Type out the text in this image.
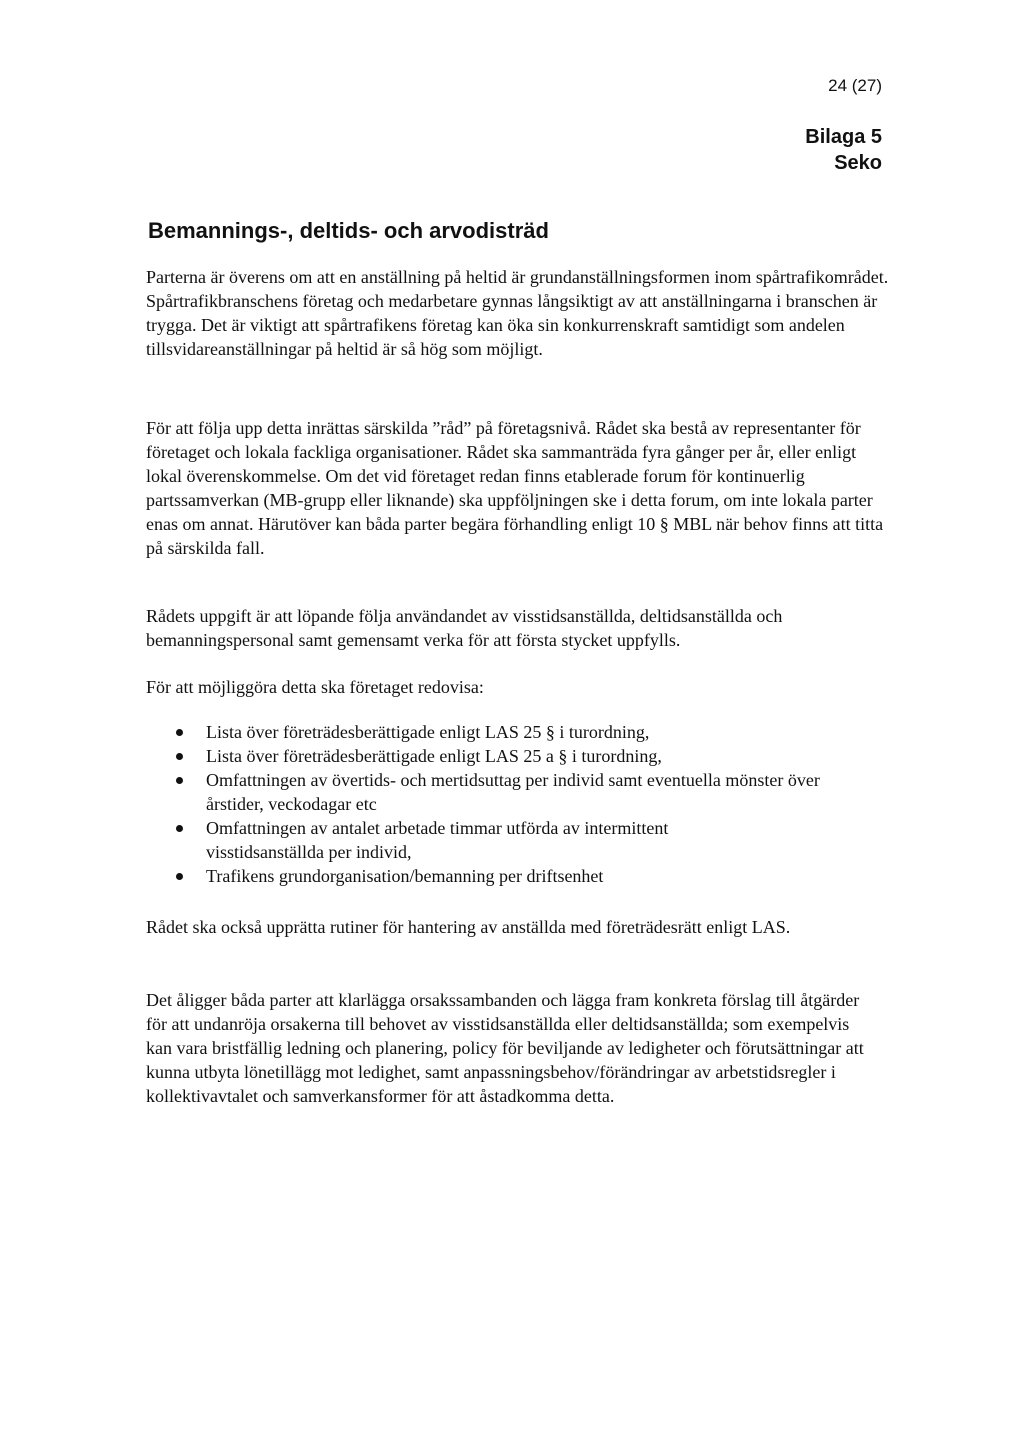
24 (27)
Bilaga 5
Seko
Bemannings-, deltids- och arvodisträd

Parterna är överens om att en anställning på heltid är grundanställningsformen inom spårtrafikområdet. Spårtrafikbranschens företag och medarbetare gynnas långsiktigt av att anställningarna i branschen är trygga. Det är viktigt att spårtrafikens företag kan öka sin konkurrenskraft samtidigt som andelen tillsvidareanställningar på heltid är så hög som möjligt.

För att följa upp detta inrättas särskilda ”råd” på företagsnivå. Rådet ska bestå av representanter för företaget och lokala fackliga organisationer. Rådet ska sammanträda fyra gånger per år, eller enligt lokal överenskommelse. Om det vid företaget redan finns etablerade forum för kontinuerlig partssamverkan (MB-grupp eller liknande) ska uppföljningen ske i detta forum, om inte lokala parter enas om annat. Härutöver kan båda parter begära förhandling enligt 10 § MBL när behov finns att titta på särskilda fall.

Rådets uppgift är att löpande följa användandet av visstidsanställda, deltidsanställda och bemanningspersonal samt gemensamt verka för att första stycket uppfylls.

För att möjliggöra detta ska företaget redovisa:

Lista över företrädesberättigade enligt LAS 25 § i turordning,
Lista över företrädesberättigade enligt LAS 25 a § i turordning,
Omfattningen av övertids- och mertidsuttag per individ samt eventuella mönster över årstider, veckodagar etc
Omfattningen av antalet arbetade timmar utförda av intermittent visstidsanställda per individ,
Trafikens grundorganisation/bemanning per driftsenhet

Rådet ska också upprätta rutiner för hantering av anställda med företrädesrätt enligt LAS.

Det åligger båda parter att klarlägga orsakssambanden och lägga fram konkreta förslag till åtgärder för att undanröja orsakerna till behovet av visstidsanställda eller deltidsanställda; som exempelvis kan vara bristfällig ledning och planering, policy för beviljande av ledigheter och förutsättningar att kunna utbyta lönetillägg mot ledighet, samt anpassningsbehov/förändringar av arbetstidsregler i kollektivavtalet och samverkansformer för att åstadkomma detta.
